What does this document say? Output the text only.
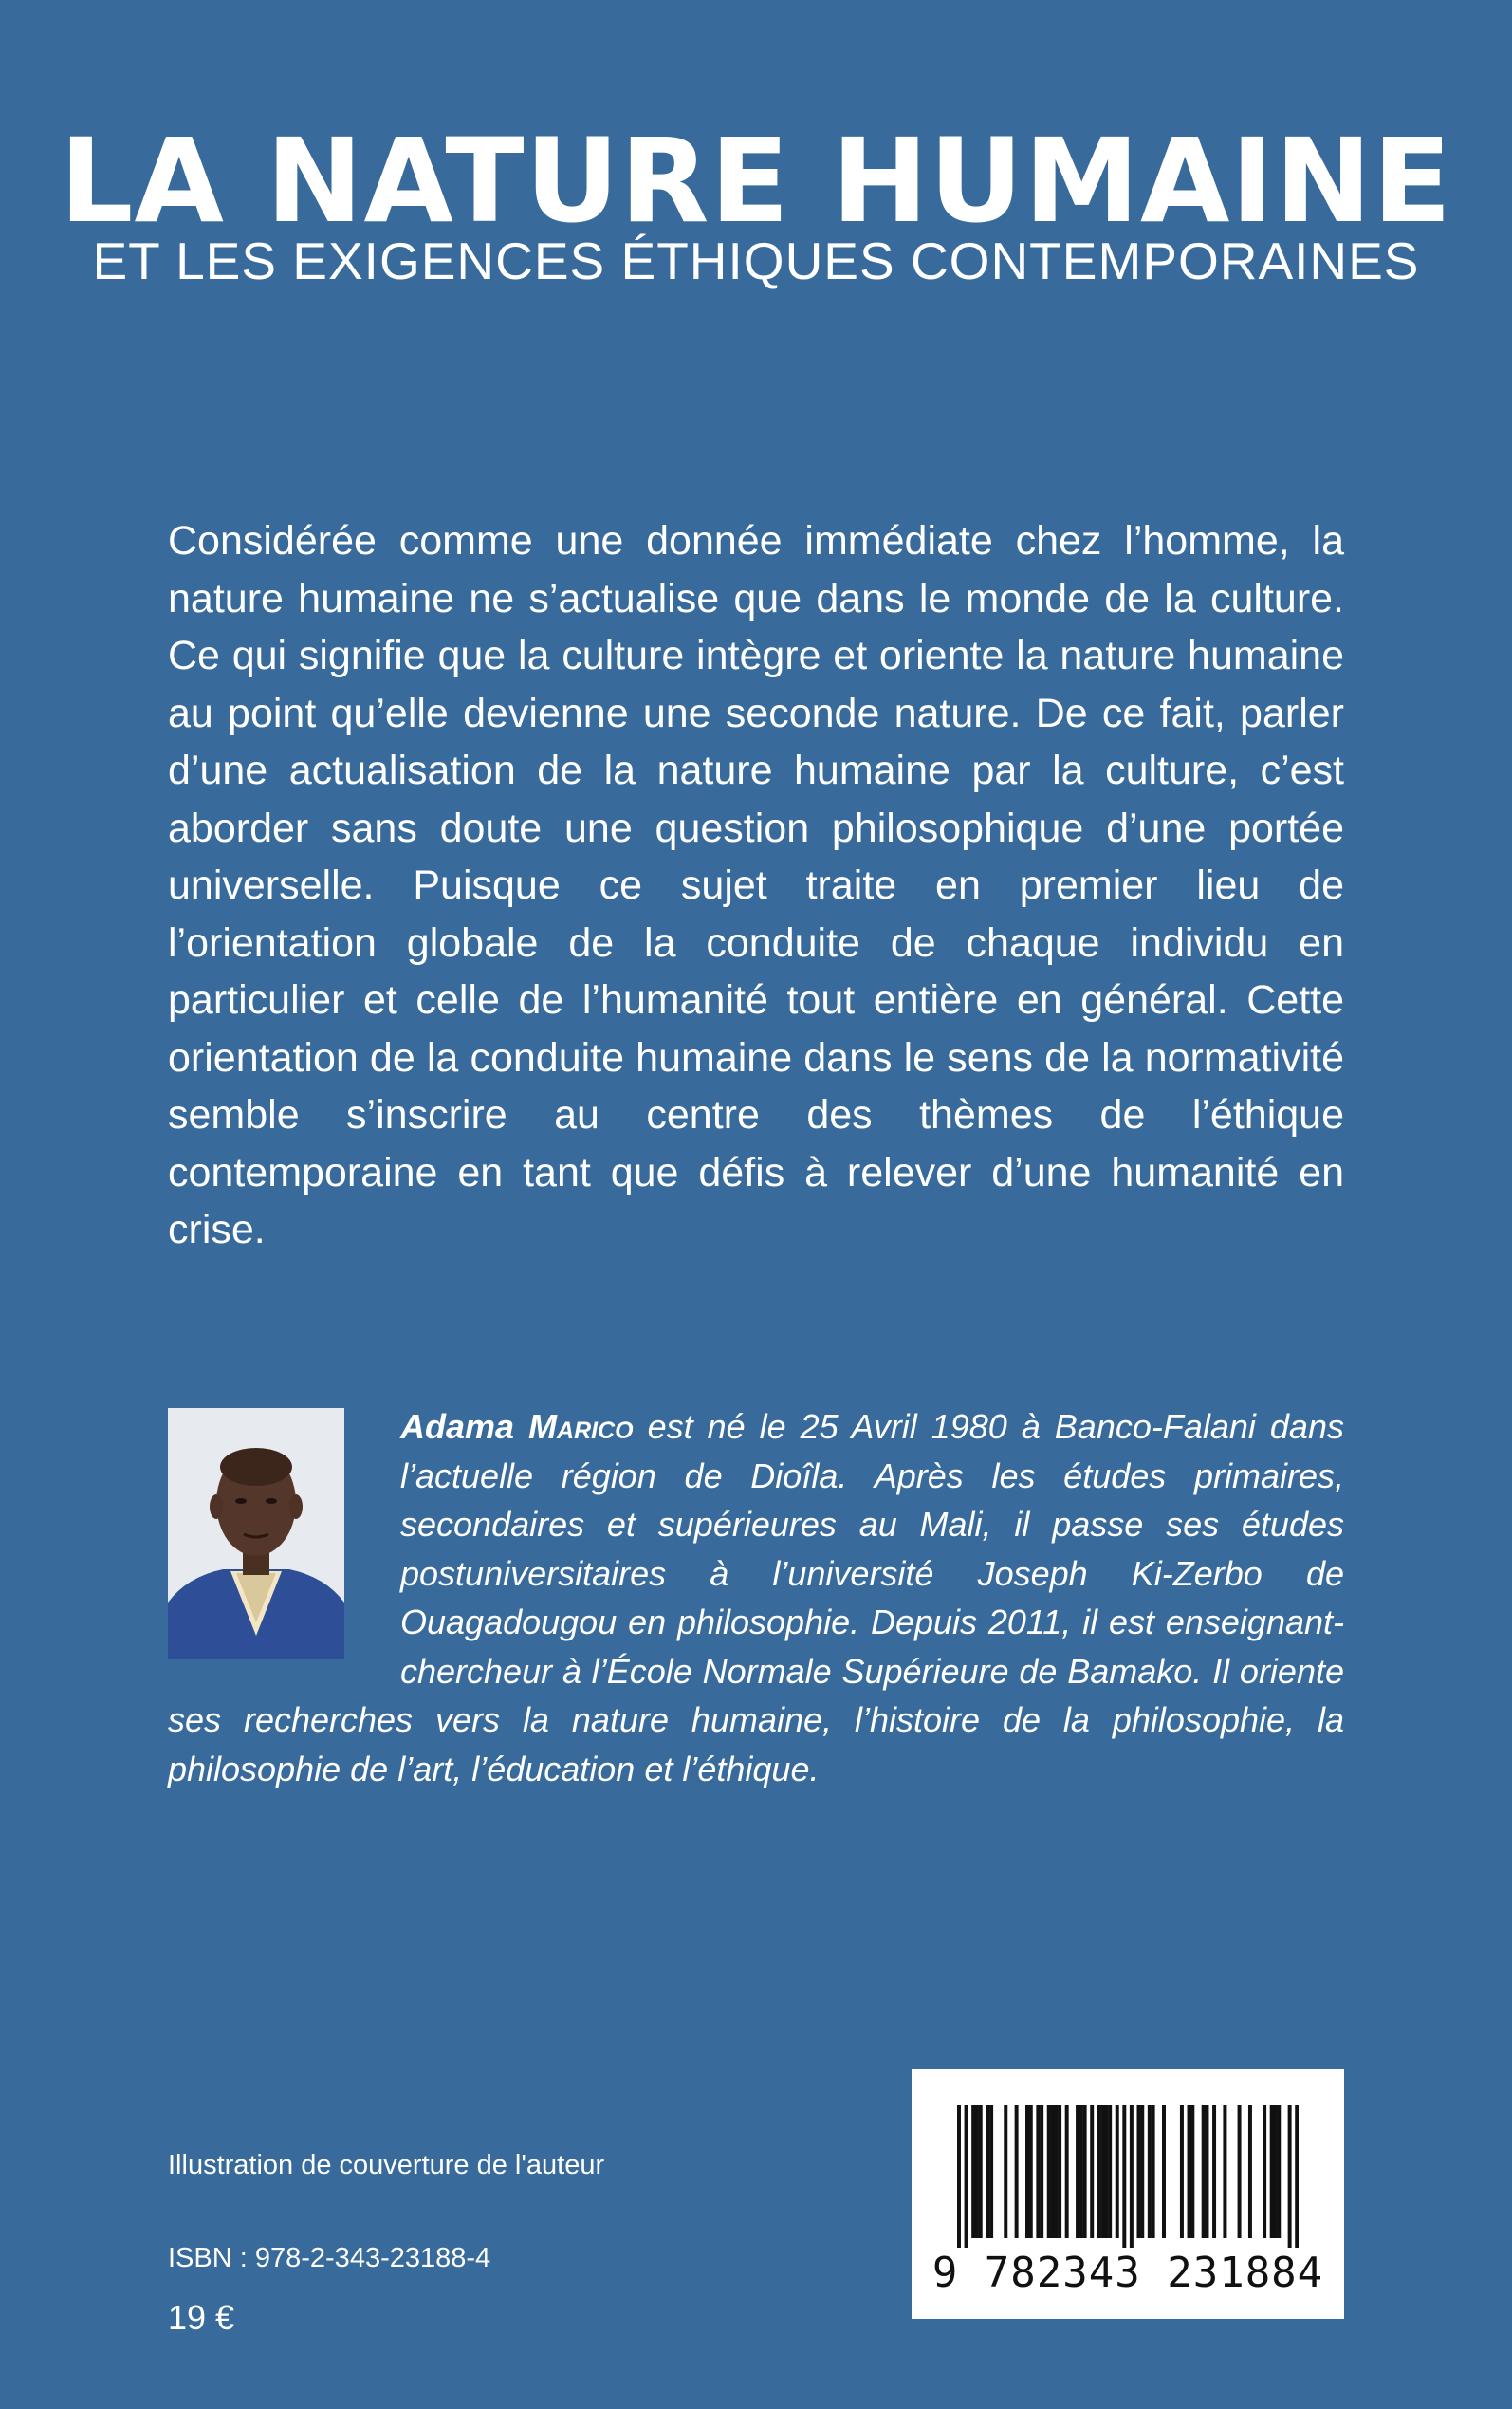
LA NATURE HUMAINE
ET LES EXIGENCES ÉTHIQUES CONTEMPORAINES

Considérée comme une donnée immédiate chez l’homme, la nature humaine ne s’actualise que dans le monde de la culture. Ce qui signifie que la culture intègre et oriente la nature humaine au point qu’elle devienne une seconde nature. De ce fait, parler d’une actualisation de la nature humaine par la culture, c’est aborder sans doute une question philosophique d’une portée universelle. Puisque ce sujet traite en premier lieu de l’orientation globale de la conduite de chaque individu en particulier et celle de l’humanité tout entière en général. Cette orientation de la conduite humaine dans le sens de la normativité semble s’inscrire au centre des thèmes de l’éthique contemporaine en tant que défis à relever d’une humanité en crise.

Adama Marico est né le 25 Avril 1980 à Banco-Falani dans l’actuelle région de Dioîla. Après les études primaires, secondaires et supérieures au Mali, il passe ses études postuniversitaires à l’université Joseph Ki-Zerbo de Ouagadougou en philosophie. Depuis 2011, il est enseignant-chercheur à l’École Normale Supérieure de Bamako. Il oriente ses recherches vers la nature humaine, l’histoire de la philosophie, la philosophie de l’art, l’éducation et l’éthique.

Illustration de couverture de l'auteur
ISBN : 978-2-343-23188-4
19 €
9 782343 231884
